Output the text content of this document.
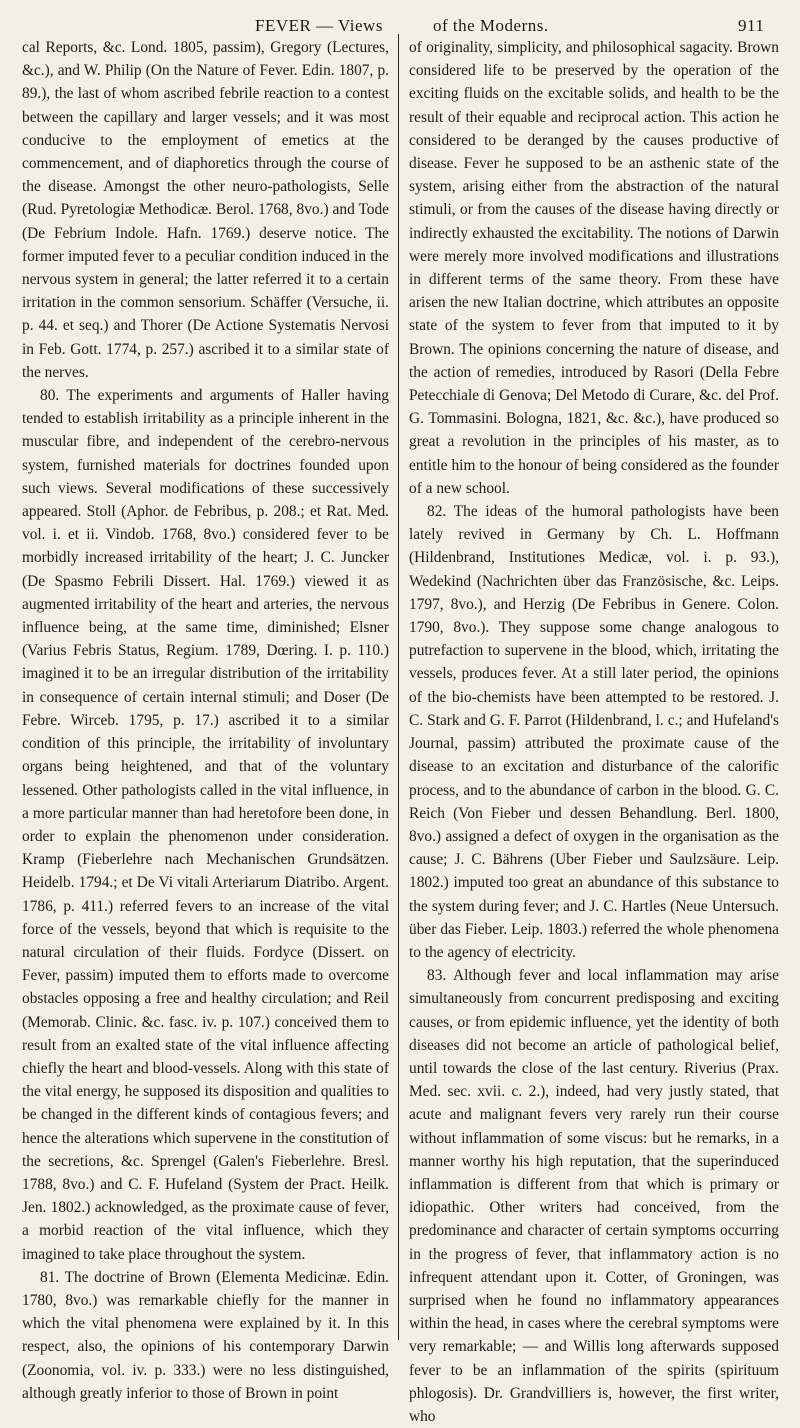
FEVER — Views	of the Moderns.	911

cal Reports, &c. Lond. 1805, passim), Gregory (Lectures, &c.), and W. Philip (On the Nature of Fever. Edin. 1807, p. 89.), the last of whom ascribed febrile reaction to a contest between the capillary and larger vessels; and it was most conducive to the employment of emetics at the commencement, and of diaphoretics through the course of the disease. Amongst the other neuro-pathologists, Selle (Rud. Pyretologiæ Methodicæ. Berol. 1768, 8vo.) and Tode (De Febrium Indole. Hafn. 1769.) deserve notice. The former imputed fever to a peculiar condition induced in the nervous system in general; the latter referred it to a certain irritation in the common sensorium. Schäffer (Versuche, ii. p. 44. et seq.) and Thorer (De Actione Systematis Nervosi in Feb. Gott. 1774, p. 257.) ascribed it to a similar state of the nerves.

80. The experiments and arguments of Haller having tended to establish irritability as a principle inherent in the muscular fibre, and independent of the cerebro-nervous system, furnished materials for doctrines founded upon such views. Several modifications of these successively appeared. Stoll (Aphor. de Febribus, p. 208.; et Rat. Med. vol. i. et ii. Vindob. 1768, 8vo.) considered fever to be morbidly increased irritability of the heart; J. C. Juncker (De Spasmo Febrili Dissert. Hal. 1769.) viewed it as augmented irritability of the heart and arteries, the nervous influence being, at the same time, diminished; Elsner (Varius Febris Status, Regium. 1789, Dœring. I. p. 110.) imagined it to be an irregular distribution of the irritability in consequence of certain internal stimuli; and Doser (De Febre. Wirceb. 1795, p. 17.) ascribed it to a similar condition of this principle, the irritability of involuntary organs being heightened, and that of the voluntary lessened. Other pathologists called in the vital influence, in a more particular manner than had heretofore been done, in order to explain the phenomenon under consideration. Kramp (Fieberlehre nach Mechanischen Grundsätzen. Heidelb. 1794.; et De Vi vitali Arteriarum Diatribo. Argent. 1786, p. 411.) referred fevers to an increase of the vital force of the vessels, beyond that which is requisite to the natural circulation of their fluids. Fordyce (Dissert. on Fever, passim) imputed them to efforts made to overcome obstacles opposing a free and healthy circulation; and Reil (Memorab. Clinic. &c. fasc. iv. p. 107.) conceived them to result from an exalted state of the vital influence affecting chiefly the heart and blood-vessels. Along with this state of the vital energy, he supposed its disposition and qualities to be changed in the different kinds of contagious fevers; and hence the alterations which supervene in the constitution of the secretions, &c. Sprengel (Galen's Fieberlehre. Bresl. 1788, 8vo.) and C. F. Hufeland (System der Pract. Heilk. Jen. 1802.) acknowledged, as the proximate cause of fever, a morbid reaction of the vital influence, which they imagined to take place throughout the system.

81. The doctrine of Brown (Elementa Medicinæ. Edin. 1780, 8vo.) was remarkable chiefly for the manner in which the vital phenomena were explained by it. In this respect, also, the opinions of his contemporary Darwin (Zoonomia, vol. iv. p. 333.) were no less distinguished, although greatly inferior to those of Brown in point

of originality, simplicity, and philosophical sagacity. Brown considered life to be preserved by the operation of the exciting fluids on the excitable solids, and health to be the result of their equable and reciprocal action. This action he considered to be deranged by the causes productive of disease. Fever he supposed to be an asthenic state of the system, arising either from the abstraction of the natural stimuli, or from the causes of the disease having directly or indirectly exhausted the excitability. The notions of Darwin were merely more involved modifications and illustrations in different terms of the same theory. From these have arisen the new Italian doctrine, which attributes an opposite state of the system to fever from that imputed to it by Brown. The opinions concerning the nature of disease, and the action of remedies, introduced by Rasori (Della Febre Petecchiale di Genova; Del Metodo di Curare, &c. del Prof. G. Tommasini. Bologna, 1821, &c. &c.), have produced so great a revolution in the principles of his master, as to entitle him to the honour of being considered as the founder of a new school.

82. The ideas of the humoral pathologists have been lately revived in Germany by Ch. L. Hoffmann (Hildenbrand, Institutiones Medicæ, vol. i. p. 93.), Wedekind (Nachrichten über das Französische, &c. Leips. 1797, 8vo.), and Herzig (De Febribus in Genere. Colon. 1790, 8vo.). They suppose some change analogous to putrefaction to supervene in the blood, which, irritating the vessels, produces fever. At a still later period, the opinions of the bio-chemists have been attempted to be restored. J. C. Stark and G. F. Parrot (Hildenbrand, l. c.; and Hufeland's Journal, passim) attributed the proximate cause of the disease to an excitation and disturbance of the calorific process, and to the abundance of carbon in the blood. G. C. Reich (Von Fieber und dessen Behandlung. Berl. 1800, 8vo.) assigned a defect of oxygen in the organisation as the cause; J. C. Bährens (Uber Fieber und Saulzsäure. Leip. 1802.) imputed too great an abundance of this substance to the system during fever; and J. C. Hartles (Neue Untersuch. über das Fieber. Leip. 1803.) referred the whole phenomena to the agency of electricity.

83. Although fever and local inflammation may arise simultaneously from concurrent predisposing and exciting causes, or from epidemic influence, yet the identity of both diseases did not become an article of pathological belief, until towards the close of the last century. Riverius (Prax. Med. sec. xvii. c. 2.), indeed, had very justly stated, that acute and malignant fevers very rarely run their course without inflammation of some viscus: but he remarks, in a manner worthy his high reputation, that the superinduced inflammation is different from that which is primary or idiopathic. Other writers had conceived, from the predominance and character of certain symptoms occurring in the progress of fever, that inflammatory action is no infrequent attendant upon it. Cotter, of Groningen, was surprised when he found no inflammatory appearances within the head, in cases where the cerebral symptoms were very remarkable; — and Willis long afterwards supposed fever to be an inflammation of the spirits (spirituum phlogosis). Dr. Grandvilliers is, however, the first writer, who
